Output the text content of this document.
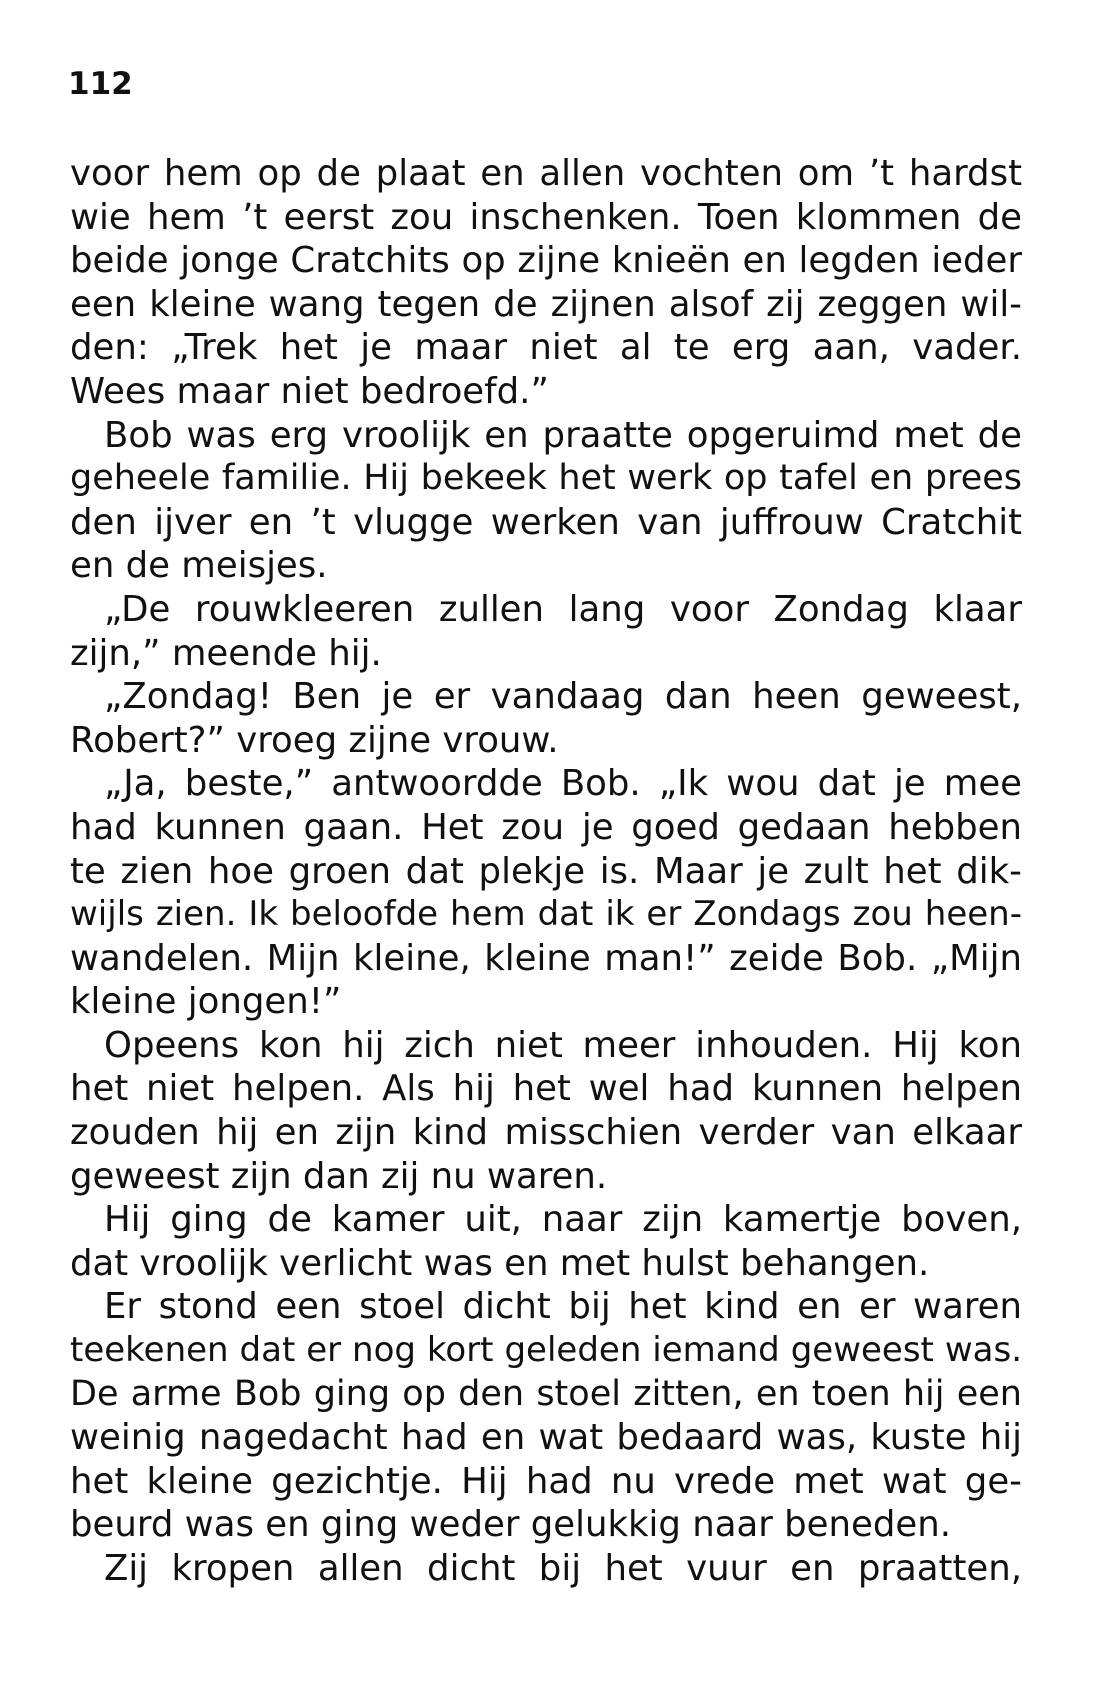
112
voor hem op de plaat en allen vochten om ’t hardst
wie hem ’t eerst zou inschenken. Toen klommen de
beide jonge Cratchits op zijne knieën en legden ieder
een kleine wang tegen de zijnen alsof zij zeggen wil-
den: „Trek het je maar niet al te erg aan, vader.
Wees maar niet bedroefd.”
Bob was erg vroolijk en praatte opgeruimd met de
geheele familie. Hij bekeek het werk op tafel en prees
den ijver en ’t vlugge werken van juffrouw Cratchit
en de meisjes.
„De rouwkleeren zullen lang voor Zondag klaar
zijn,” meende hij.
„Zondag! Ben je er vandaag dan heen geweest,
Robert?” vroeg zijne vrouw.
„Ja, beste,” antwoordde Bob. „Ik wou dat je mee
had kunnen gaan. Het zou je goed gedaan hebben
te zien hoe groen dat plekje is. Maar je zult het dik-
wijls zien. Ik beloofde hem dat ik er Zondags zou heen-
wandelen. Mijn kleine, kleine man!” zeide Bob. „Mijn
kleine jongen!”
Opeens kon hij zich niet meer inhouden. Hij kon
het niet helpen. Als hij het wel had kunnen helpen
zouden hij en zijn kind misschien verder van elkaar
geweest zijn dan zij nu waren.
Hij ging de kamer uit, naar zijn kamertje boven,
dat vroolijk verlicht was en met hulst behangen.
Er stond een stoel dicht bij het kind en er waren
teekenen dat er nog kort geleden iemand geweest was.
De arme Bob ging op den stoel zitten, en toen hij een
weinig nagedacht had en wat bedaard was, kuste hij
het kleine gezichtje. Hij had nu vrede met wat ge-
beurd was en ging weder gelukkig naar beneden.
Zij kropen allen dicht bij het vuur en praatten,
